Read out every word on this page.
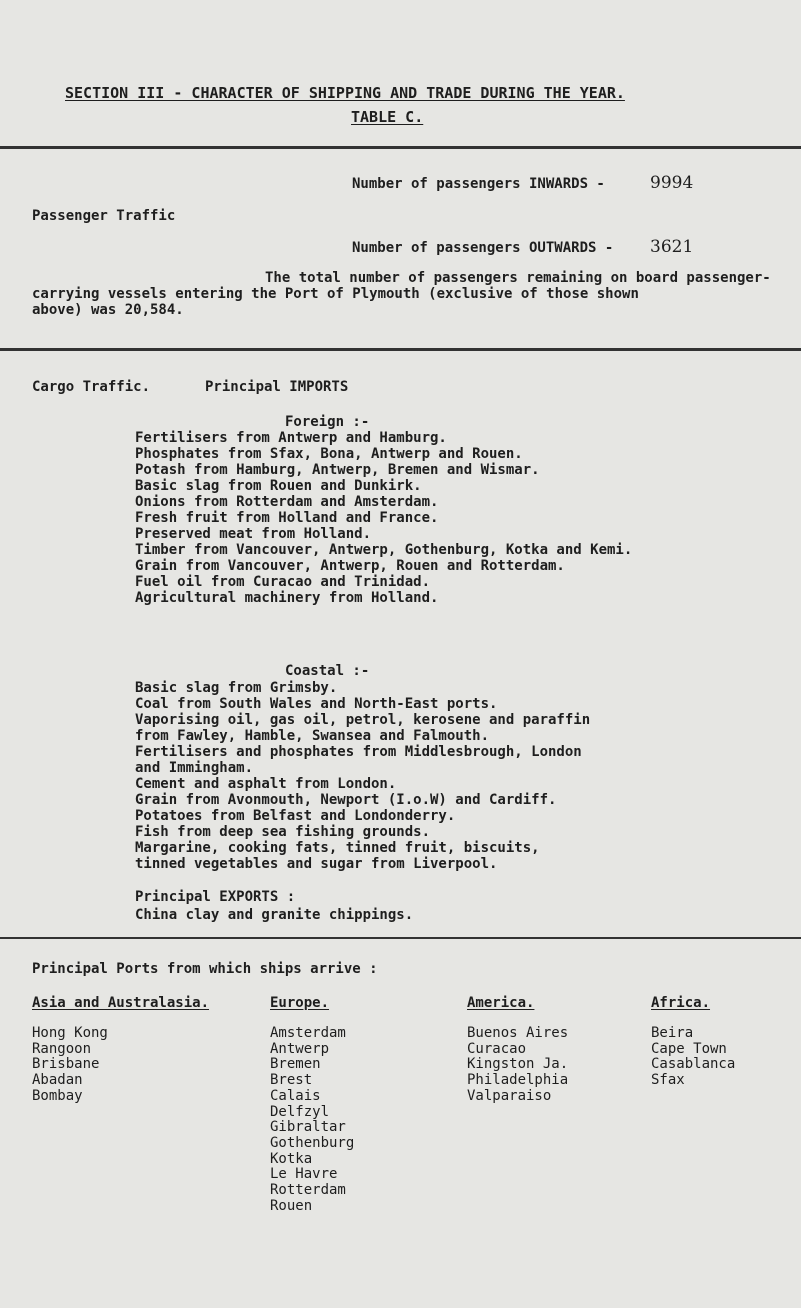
SECTION III - CHARACTER OF SHIPPING AND TRADE DURING THE YEAR.
TABLE C.
Number of passengers INWARDS -	9994
Passenger Traffic
Number of passengers OUTWARDS - 3621
The total number of passengers remaining on board passenger-
carrying vessels entering the Port of Plymouth (exclusive of those shown
above) was 20,584.
Cargo Traffic.	Principal IMPORTS
Foreign :-
Fertilisers from Antwerp and Hamburg.
Phosphates from Sfax, Bona, Antwerp and Rouen.
Potash from Hamburg, Antwerp, Bremen and Wismar.
Basic slag from Rouen and Dunkirk.
Onions from Rotterdam and Amsterdam.
Fresh fruit from Holland and France.
Preserved meat from Holland.
Timber from Vancouver, Antwerp, Gothenburg, Kotka and Kemi.
Grain from Vancouver, Antwerp, Rouen and Rotterdam.
Fuel oil from Curacao and Trinidad.
Agricultural machinery from Holland.
Coastal :-
Basic slag from Grimsby.
Coal from South Wales and North-East ports.
Vaporising oil, gas oil, petrol, kerosene and paraffin
from Fawley, Hamble, Swansea and Falmouth.
Fertilisers and phosphates from Middlesbrough, London
and Immingham.
Cement and asphalt from London.
Grain from Avonmouth, Newport (I.o.W) and Cardiff.
Potatoes from Belfast and Londonderry.
Fish from deep sea fishing grounds.
Margarine, cooking fats, tinned fruit, biscuits,
tinned vegetables and sugar from Liverpool.
Principal EXPORTS :
China clay and granite chippings.
Principal Ports from which ships arrive :
Asia and Australasia.
Hong Kong
Rangoon
Brisbane
Abadan
Bombay
Europe.
Amsterdam
Antwerp
Bremen
Brest
Calais
Delfzyl
Gibraltar
Gothenburg
Kotka
Le Havre
Rotterdam
Rouen
America.
Buenos Aires
Curacao
Kingston Ja.
Philadelphia
Valparaiso
Africa.
Beira
Cape Town
Casablanca
Sfax
